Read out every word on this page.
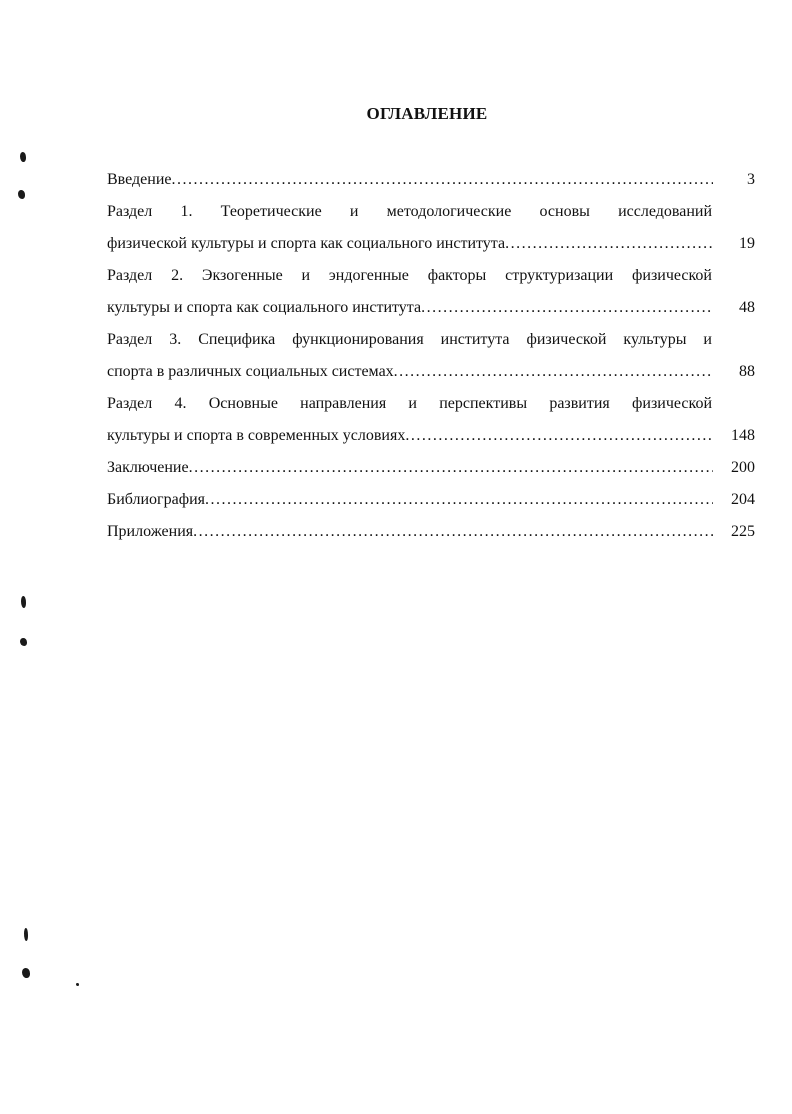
ОГЛАВЛЕНИЕ
Введение .....	3
Раздел 1. Теоретические и методологические основы исследований
физической культуры и спорта как социального института .....	19
Раздел 2. Экзогенные и эндогенные факторы структуризации физической
культуры и спорта как социального института .....	48
Раздел 3. Специфика функционирования института физической культуры и
спорта в различных социальных системах .....	88
Раздел 4. Основные направления и перспективы развития физической
культуры и спорта в современных условиях .....	148
Заключение .....	200
Библиография .....	204
Приложения .....	225
